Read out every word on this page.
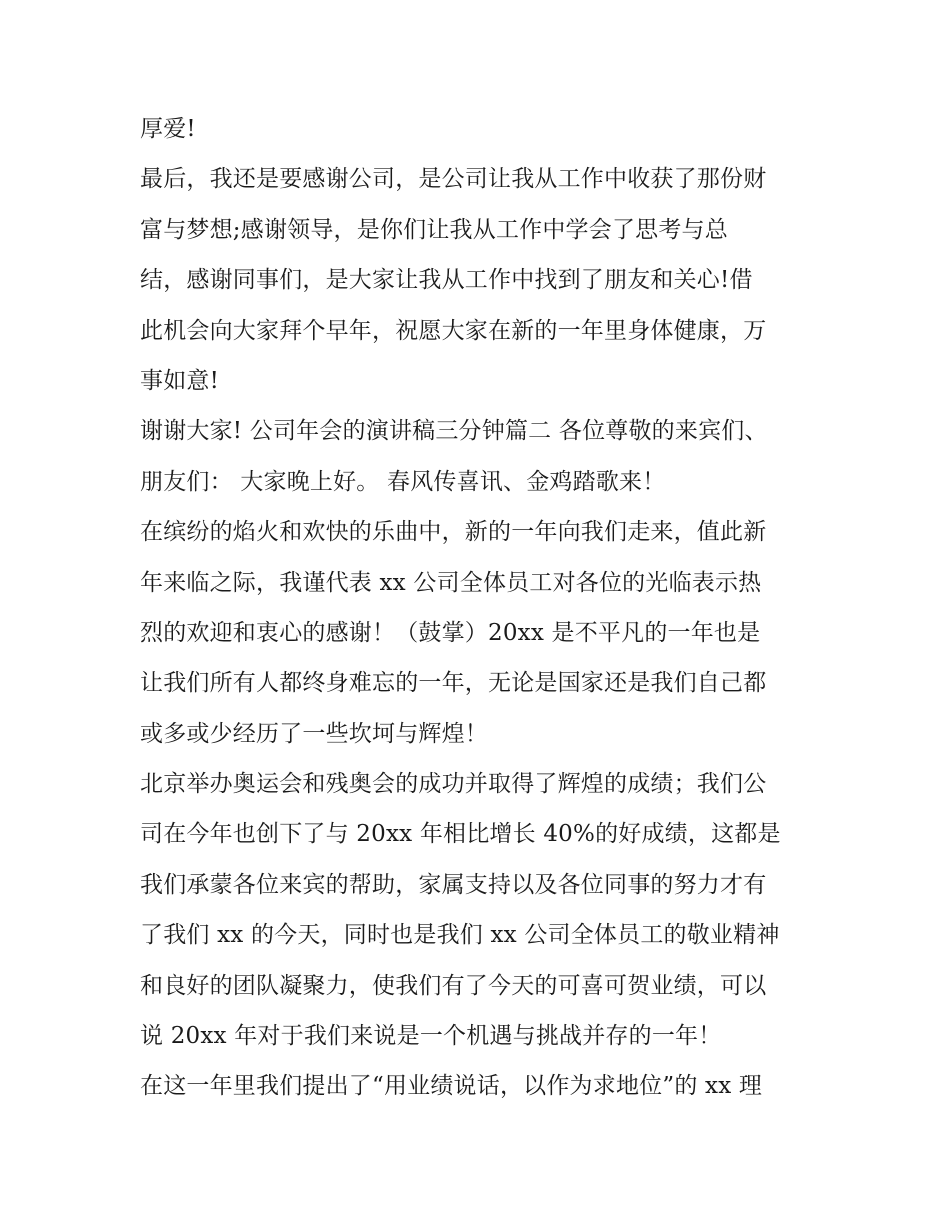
厚爱!
最后，我还是要感谢公司，是公司让我从工作中收获了那份财
富与梦想;感谢领导，是你们让我从工作中学会了思考与总
结，感谢同事们，是大家让我从工作中找到了朋友和关心!借
此机会向大家拜个早年，祝愿大家在新的一年里身体健康，万
事如意!
谢谢大家! 公司年会的演讲稿三分钟篇二 各位尊敬的来宾们、
朋友们： 大家晚上好。 春风传喜讯、金鸡踏歌来！
在缤纷的焰火和欢快的乐曲中，新的一年向我们走来，值此新
年来临之际，我谨代表 xx 公司全体员工对各位的光临表示热
烈的欢迎和衷心的感谢！（鼓掌）20xx 是不平凡的一年也是
让我们所有人都终身难忘的一年，无论是国家还是我们自己都
或多或少经历了一些坎坷与辉煌！
北京举办奥运会和残奥会的成功并取得了辉煌的成绩；我们公
司在今年也创下了与 20xx 年相比增长 40%的好成绩，这都是
我们承蒙各位来宾的帮助，家属支持以及各位同事的努力才有
了我们 xx 的今天，同时也是我们 xx 公司全体员工的敬业精神
和良好的团队凝聚力，使我们有了今天的可喜可贺业绩，可以
说 20xx 年对于我们来说是一个机遇与挑战并存的一年！
在这一年里我们提出了“用业绩说话，以作为求地位”的 xx 理
